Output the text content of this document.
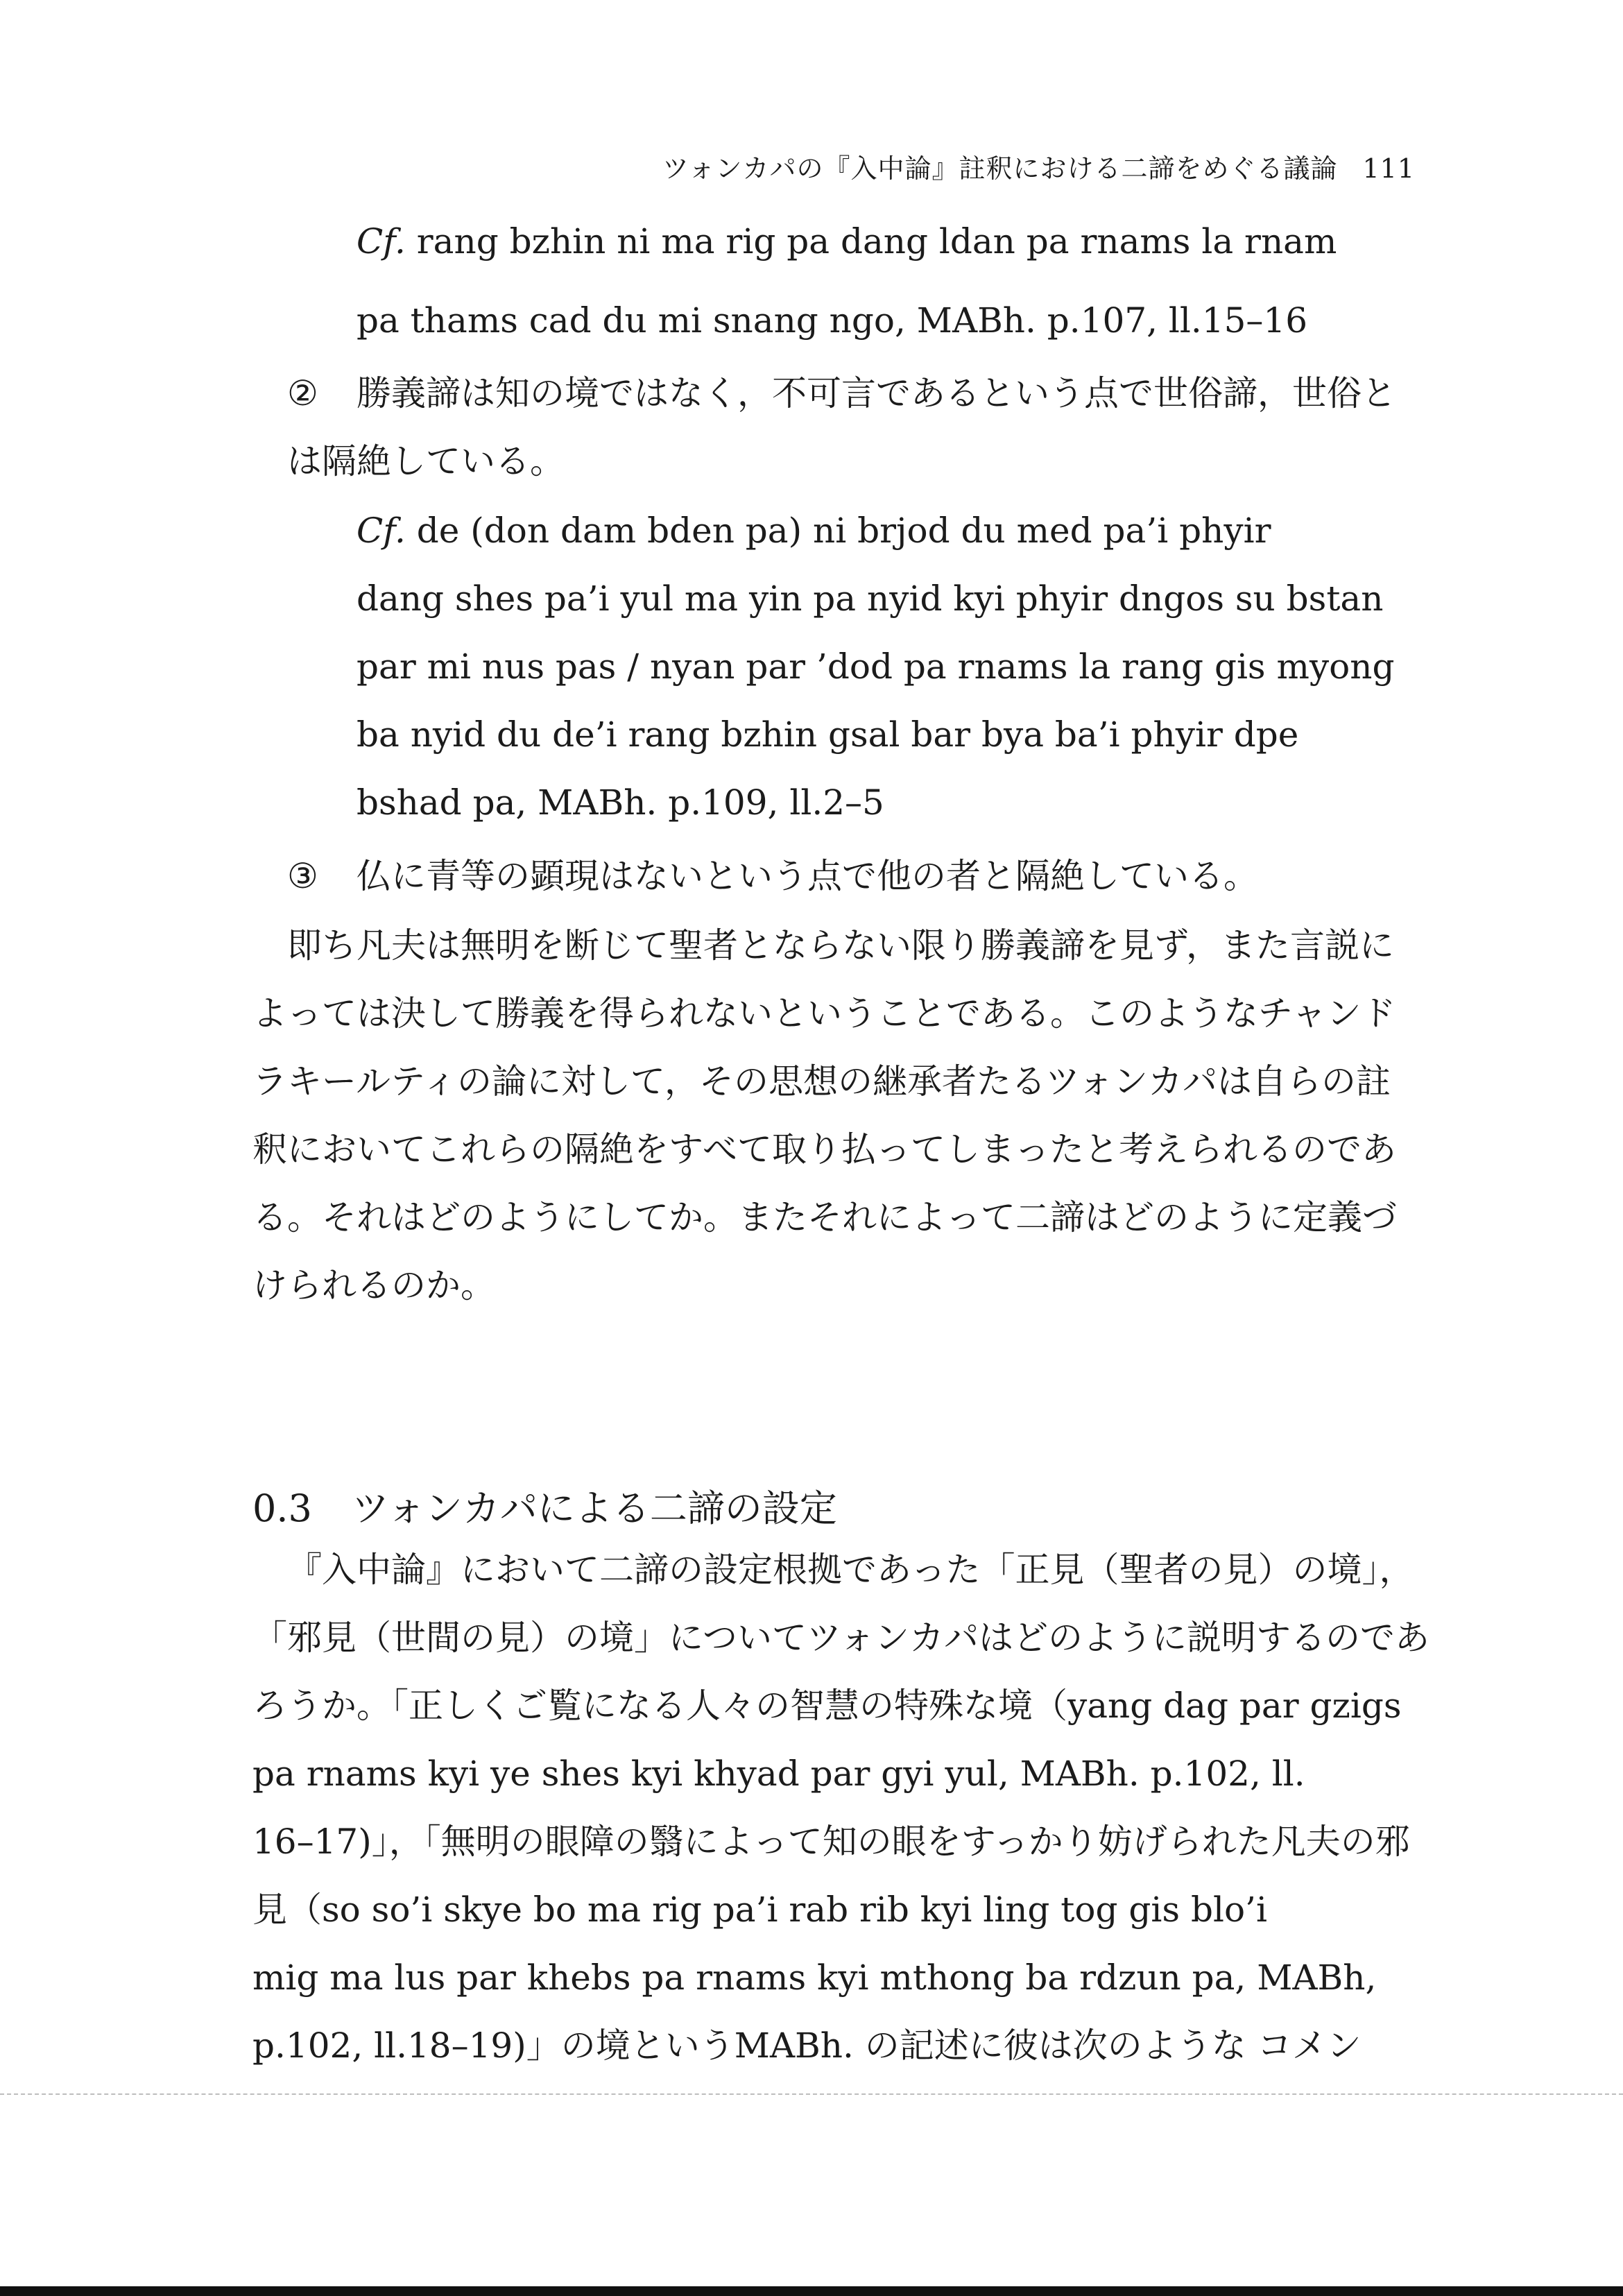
ツォンカパの『入中論』註釈における二諦をめぐる議論 111
Cf. rang bzhin ni ma rig pa dang ldan pa rnams la rnam
pa thams cad du mi snang ngo, MABh. p.107, ll.15–16
② 勝義諦は知の境ではなく，不可言であるという点で世俗諦，世俗と
は隔絶している。
Cf. de (don dam bden pa) ni brjod du med pa’i phyir
dang shes pa’i yul ma yin pa nyid kyi phyir dngos su bstan
par mi nus pas / nyan par ’dod pa rnams la rang gis myong
ba nyid du de’i rang bzhin gsal bar bya ba’i phyir dpe
bshad pa, MABh. p.109, ll.2–5
③ 仏に青等の顕現はないという点で他の者と隔絶している。
即ち凡夫は無明を断じて聖者とならない限り勝義諦を見ず，また言説に
よっては決して勝義を得られないということである。このようなチャンド
ラキールティの論に対して，その思想の継承者たるツォンカパは自らの註
釈においてこれらの隔絶をすべて取り払ってしまったと考えられるのであ
る。それはどのようにしてか。またそれによって二諦はどのように定義づ
けられるのか。
0.3 ツォンカパによる二諦の設定
『入中論』において二諦の設定根拠であった「正見（聖者の見）の境」，
「邪見（世間の見）の境」についてツォンカパはどのように説明するのであ
ろうか。「正しくご覧になる人々の智慧の特殊な境（yang dag par gzigs
pa rnams kyi ye shes kyi khyad par gyi yul, MABh. p.102, ll.
16–17)」，「無明の眼障の翳によって知の眼をすっかり妨げられた凡夫の邪
見（so so’i skye bo ma rig pa’i rab rib kyi ling tog gis blo’i
mig ma lus par khebs pa rnams kyi mthong ba rdzun pa, MABh,
p.102, ll.18–19)」の境というMABh. の記述に彼は次のような コメン
